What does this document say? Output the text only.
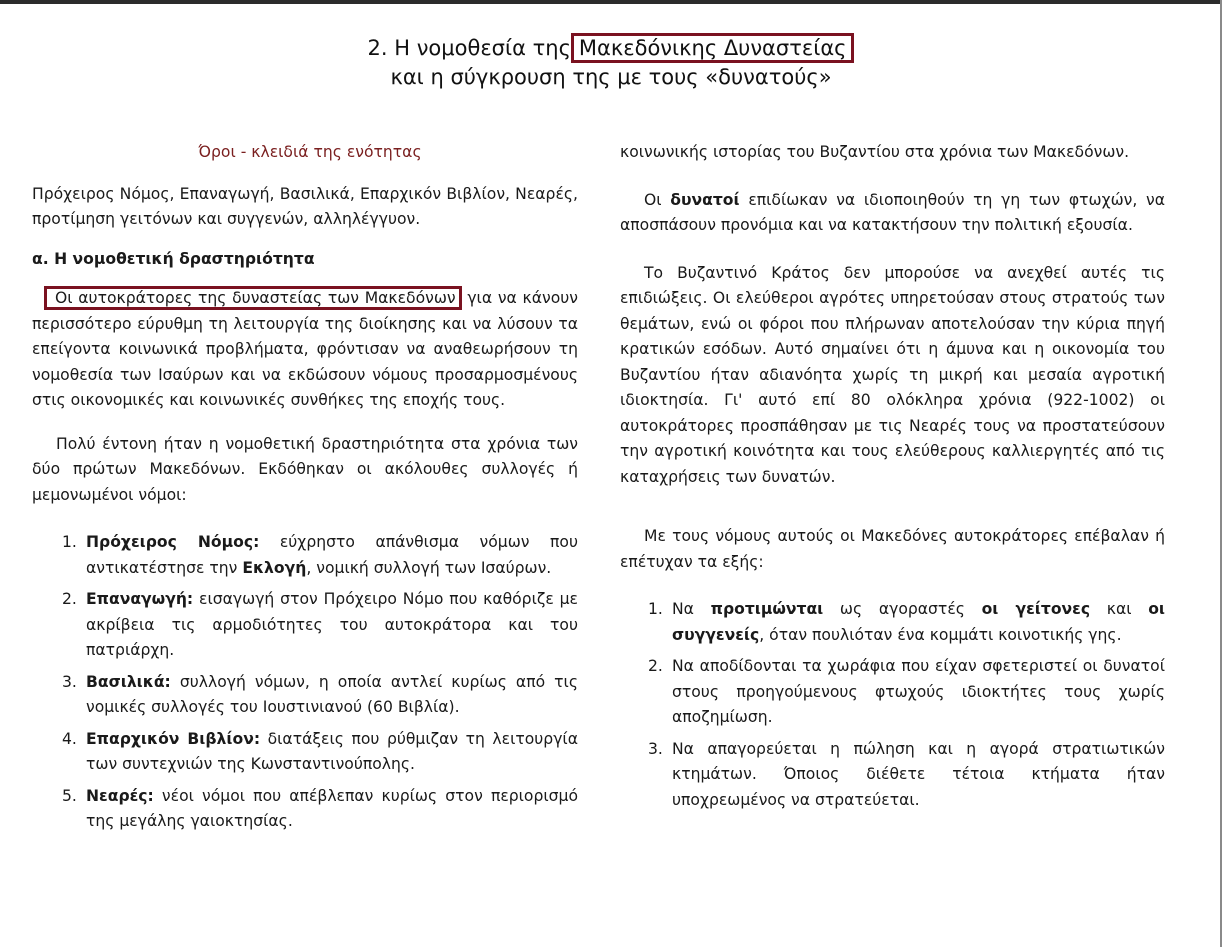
2. Η νομοθεσία της Μακεδόνικης Δυναστείας
και η σύγκρουση της με τους «δυνατούς»

Όροι - κλειδιά της ενότητας

Πρόχειρος Νόμος, Επαναγωγή, Βασιλικά, Επαρχικόν Βιβλίον, Νεαρές, προτίμηση γειτόνων και συγγενών, αλληλέγγυον.

α. Η νομοθετική δραστηριότητα

Οι αυτοκράτορες της δυναστείας των Μακεδόνων για να κάνουν περισσότερο εύρυθμη τη λειτουργία της διοίκησης και να λύσουν τα επείγοντα κοινωνικά προβλήματα, φρόντισαν να αναθεωρήσουν τη νομοθεσία των Ισαύρων και να εκδώσουν νόμους προσαρμοσμένους στις οικονομικές και κοινωνικές συνθήκες της εποχής τους.

Πολύ έντονη ήταν η νομοθετική δραστηριότητα στα χρόνια των δύο πρώτων Μακεδόνων. Εκδόθηκαν οι ακόλουθες συλλογές ή μεμονωμένοι νόμοι:

1. Πρόχειρος Νόμος: εύχρηστο απάνθισμα νόμων που αντικατέστησε την Εκλογή, νομική συλλογή των Ισαύρων.
2. Επαναγωγή: εισαγωγή στον Πρόχειρο Νόμο που καθόριζε με ακρίβεια τις αρμοδιότητες του αυτοκράτορα και του πατριάρχη.
3. Βασιλικά: συλλογή νόμων, η οποία αντλεί κυρίως από τις νομικές συλλογές του Ιουστινιανού (60 Βιβλία).
4. Επαρχικόν Βιβλίον: διατάξεις που ρύθμιζαν τη λειτουργία των συντεχνιών της Κωνσταντινούπολης.
5. Νεαρές: νέοι νόμοι που απέβλεπαν κυρίως στον περιορισμό της μεγάλης γαιοκτησίας.

κοινωνικής ιστορίας του Βυζαντίου στα χρόνια των Μακεδόνων.

Οι δυνατοί επιδίωκαν να ιδιοποιηθούν τη γη των φτωχών, να αποσπάσουν προνόμια και να κατακτήσουν την πολιτική εξουσία.

Το Βυζαντινό Κράτος δεν μπορούσε να ανεχθεί αυτές τις επιδιώξεις. Οι ελεύθεροι αγρότες υπηρετούσαν στους στρατούς των θεμάτων, ενώ οι φόροι που πλήρωναν αποτελούσαν την κύρια πηγή κρατικών εσόδων. Αυτό σημαίνει ότι η άμυνα και η οικονομία του Βυζαντίου ήταν αδιανόητα χωρίς τη μικρή και μεσαία αγροτική ιδιοκτησία. Γι' αυτό επί 80 ολόκληρα χρόνια (922-1002) οι αυτοκράτορες προσπάθησαν με τις Νεαρές τους να προστατεύσουν την αγροτική κοινότητα και τους ελεύθερους καλλιεργητές από τις καταχρήσεις των δυνατών.

Με τους νόμους αυτούς οι Μακεδόνες αυτοκράτορες επέβαλαν ή επέτυχαν τα εξής:

1. Να προτιμώνται ως αγοραστές οι γείτονες και οι συγγενείς, όταν πουλιόταν ένα κομμάτι κοινοτικής γης.
2. Να αποδίδονται τα χωράφια που είχαν σφετεριστεί οι δυνατοί στους προηγούμενους φτωχούς ιδιοκτήτες τους χωρίς αποζημίωση.
3. Να απαγορεύεται η πώληση και η αγορά στρατιωτικών κτημάτων. Όποιος διέθετε τέτοια κτήματα ήταν υποχρεωμένος να στρατεύεται.
